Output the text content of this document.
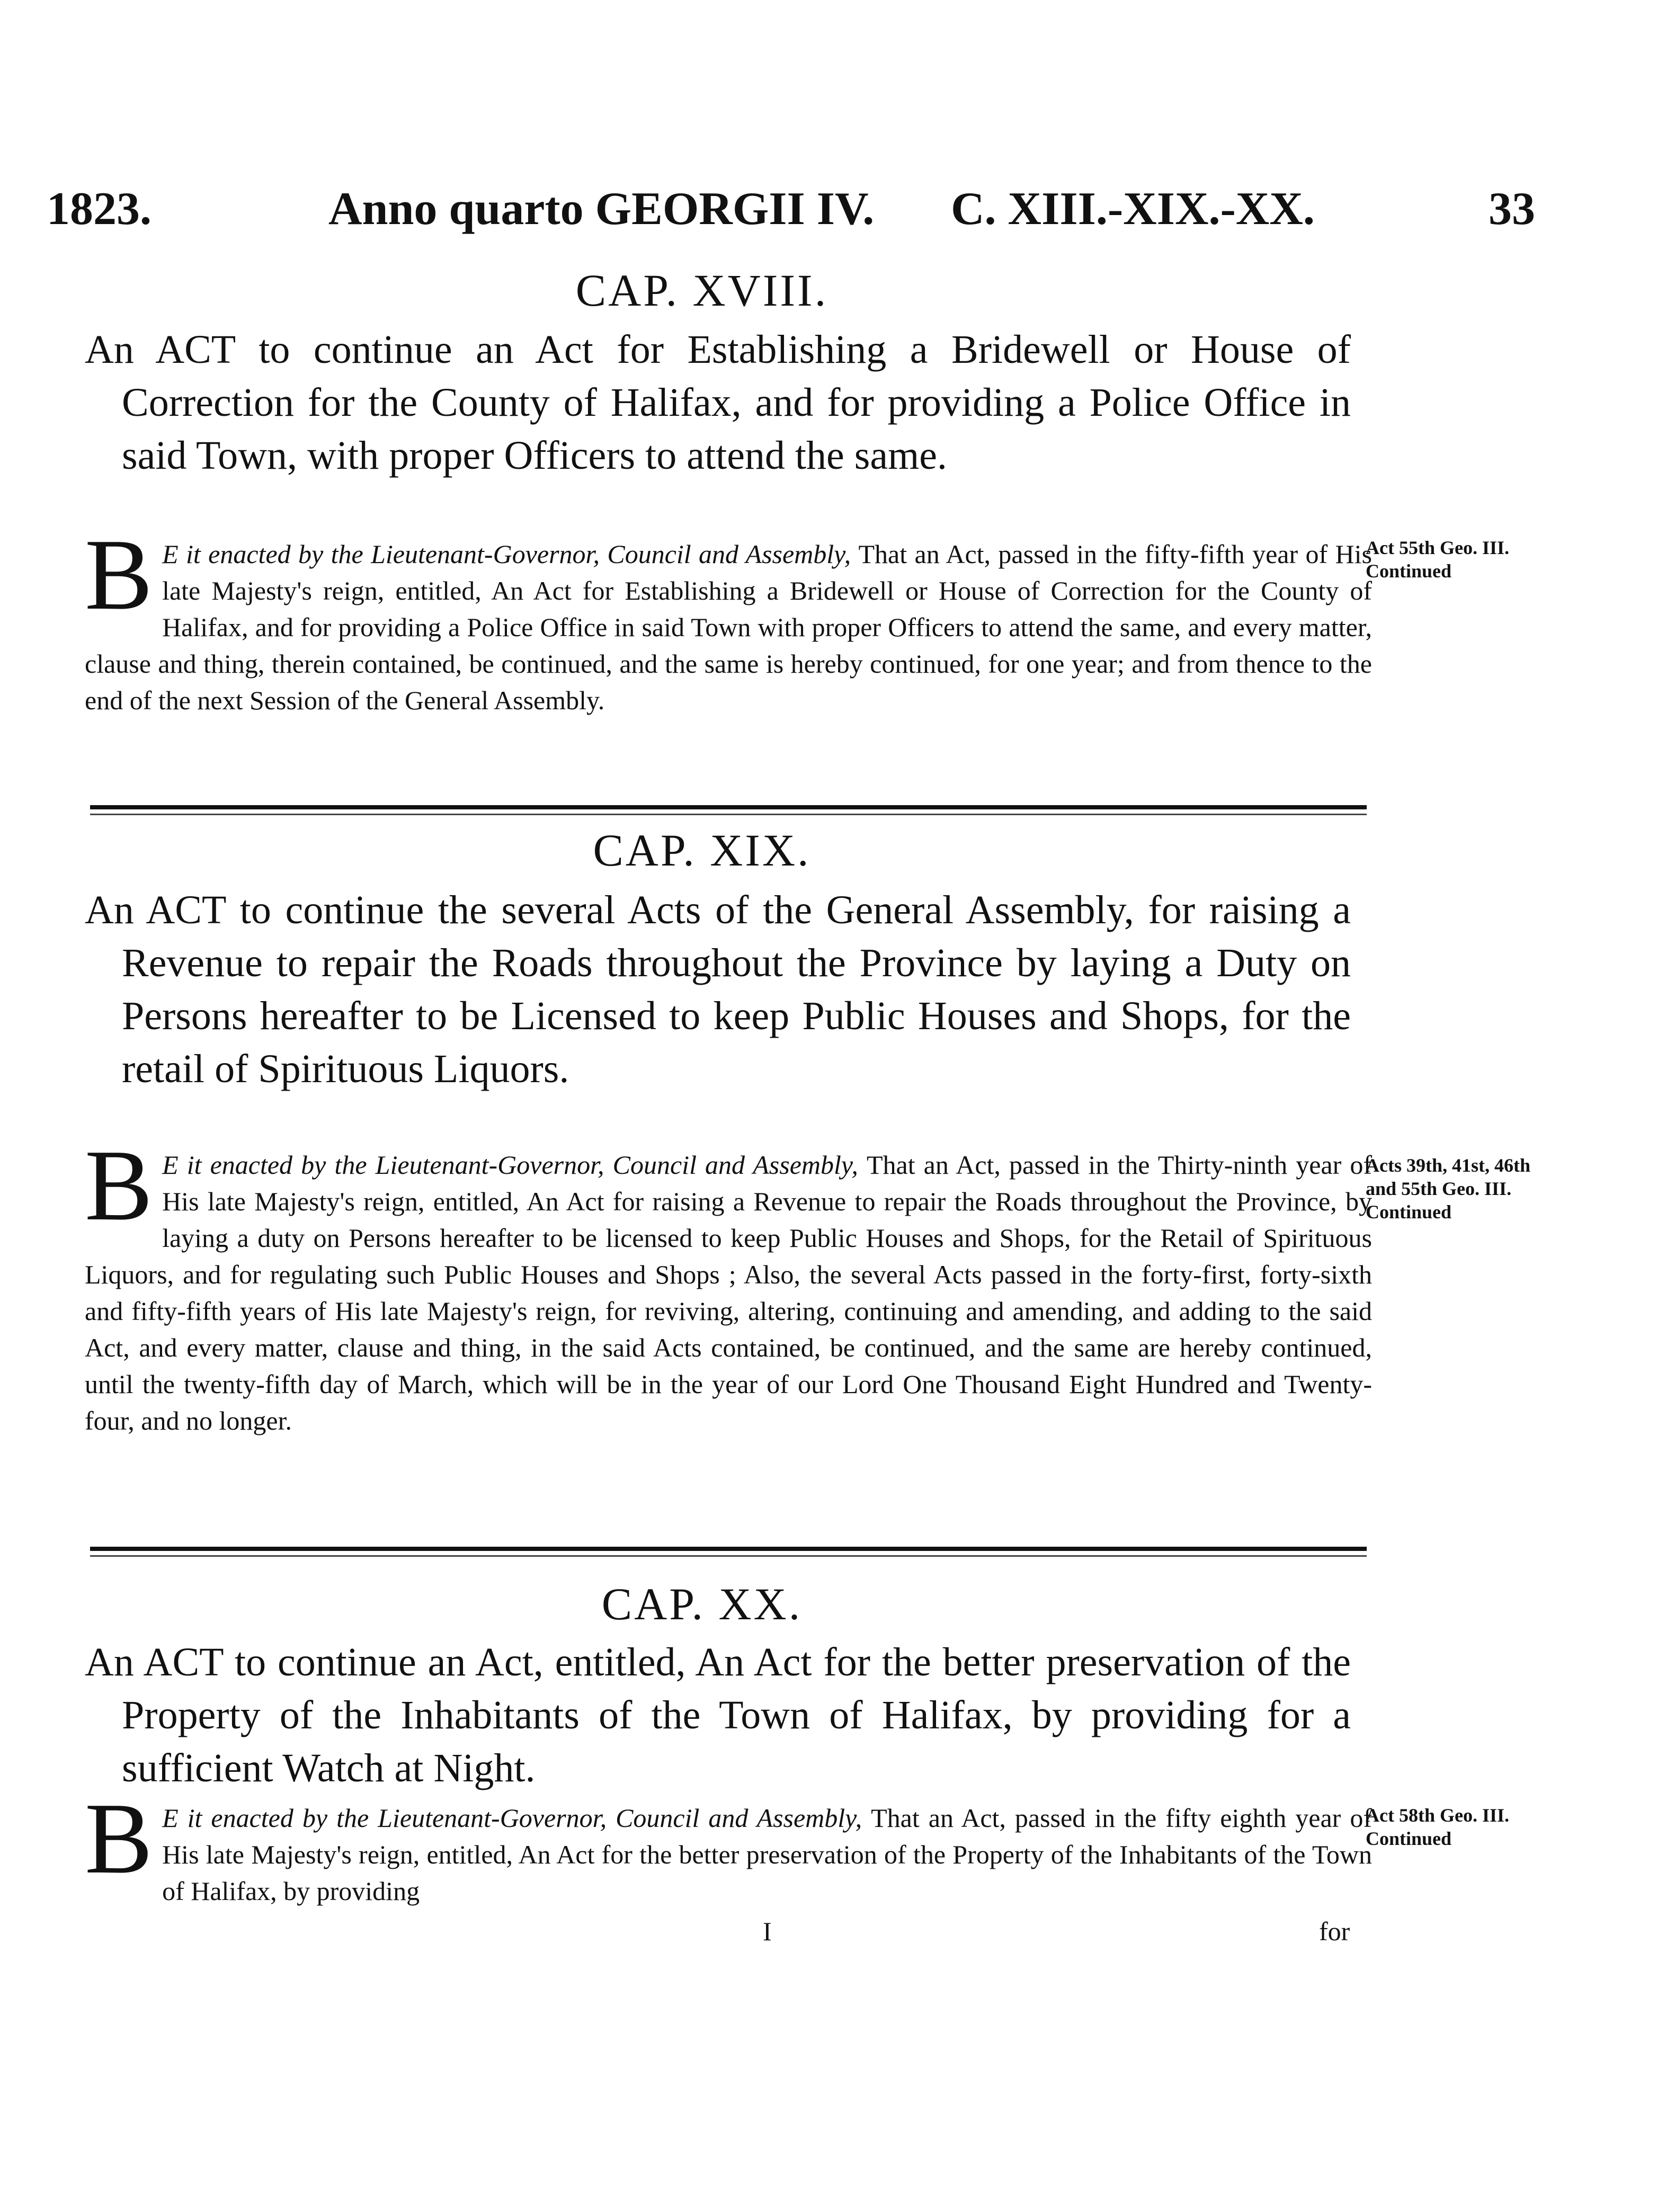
1823.	Anno quarto GEORGII IV. C. XIII.-XIX.-XX.	33
CAP. XVIII.
An ACT to continue an Act for Establishing a Bridewell or House of Correction for the County of Halifax, and for providing a Police Office in said Town, with proper Officers to attend the same.
B E it enacted by the Lieutenant-Governor, Council and Assembly, That an Act, passed in the fifty-fifth year of His late Majesty's reign, entitled, An Act for Establishing a Bridewell or House of Correction for the County of Halifax, and for providing a Police Office in said Town with proper Officers to attend the same, and every matter, clause and thing, therein contained, be continued, and the same is hereby continued, for one year; and from thence to the end of the next Session of the General Assembly.
Act 55th Geo. III. Continued
CAP. XIX.
An ACT to continue the several Acts of the General Assembly, for raising a Revenue to repair the Roads throughout the Province by laying a Duty on Persons hereafter to be Licensed to keep Public Houses and Shops, for the retail of Spirituous Liquors.
B E it enacted by the Lieutenant-Governor, Council and Assembly, That an Act, passed in the Thirty-ninth year of His late Majesty's reign, entitled, An Act for raising a Revenue to repair the Roads throughout the Province, by laying a duty on Persons hereafter to be licensed to keep Public Houses and Shops, for the Retail of Spirituous Liquors, and for regulating such Public Houses and Shops ; Also, the several Acts passed in the forty-first, forty-sixth and fifty-fifth years of His late Majesty's reign, for reviving, altering, continuing and amending, and adding to the said Act, and every matter, clause and thing, in the said Acts contained, be continued, and the same are hereby continued, until the twenty-fifth day of March, which will be in the year of our Lord One Thousand Eight Hundred and Twenty-four, and no longer.
Acts 39th, 41st, 46th and 55th Geo. III. Continued
CAP. XX.
An ACT to continue an Act, entitled, An Act for the better preservation of the Property of the Inhabitants of the Town of Halifax, by providing for a sufficient Watch at Night.
B E it enacted by the Lieutenant-Governor, Council and Assembly, That an Act, passed in the fifty eighth year of His late Majesty's reign, entitled, An Act for the better preservation of the Property of the Inhabitants of the Town of Halifax, by providing
Act 58th Geo. III. Continued
I	for
